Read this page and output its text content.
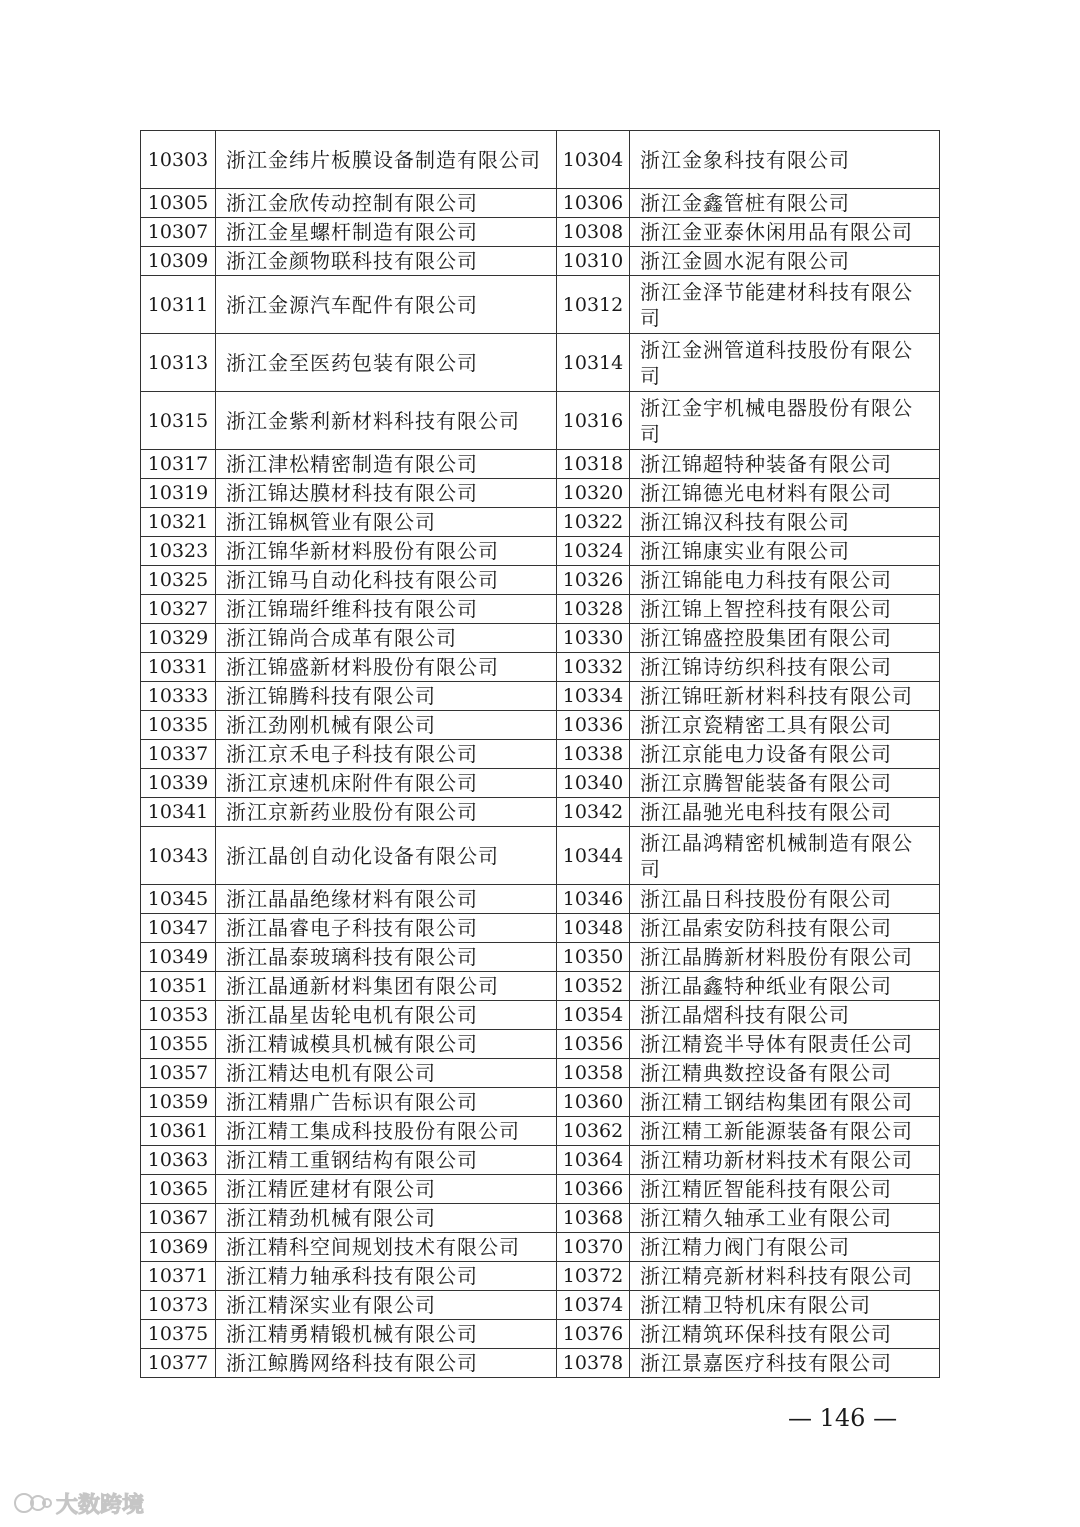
10303	浙江金纬片板膜设备制造有限公司	10304	浙江金象科技有限公司
10305	浙江金欣传动控制有限公司	10306	浙江金鑫管桩有限公司
10307	浙江金星螺杆制造有限公司	10308	浙江金亚泰休闲用品有限公司
10309	浙江金颜物联科技有限公司	10310	浙江金圆水泥有限公司
10311	浙江金源汽车配件有限公司	10312	浙江金泽节能建材科技有限公司
10313	浙江金至医药包装有限公司	10314	浙江金洲管道科技股份有限公司
10315	浙江金紫利新材料科技有限公司	10316	浙江金宇机械电器股份有限公司
10317	浙江津松精密制造有限公司	10318	浙江锦超特种装备有限公司
10319	浙江锦达膜材科技有限公司	10320	浙江锦德光电材料有限公司
10321	浙江锦枫管业有限公司	10322	浙江锦汉科技有限公司
10323	浙江锦华新材料股份有限公司	10324	浙江锦康实业有限公司
10325	浙江锦马自动化科技有限公司	10326	浙江锦能电力科技有限公司
10327	浙江锦瑞纤维科技有限公司	10328	浙江锦上智控科技有限公司
10329	浙江锦尚合成革有限公司	10330	浙江锦盛控股集团有限公司
10331	浙江锦盛新材料股份有限公司	10332	浙江锦诗纺织科技有限公司
10333	浙江锦腾科技有限公司	10334	浙江锦旺新材料科技有限公司
10335	浙江劲刚机械有限公司	10336	浙江京瓷精密工具有限公司
10337	浙江京禾电子科技有限公司	10338	浙江京能电力设备有限公司
10339	浙江京速机床附件有限公司	10340	浙江京腾智能装备有限公司
10341	浙江京新药业股份有限公司	10342	浙江晶驰光电科技有限公司
10343	浙江晶创自动化设备有限公司	10344	浙江晶鸿精密机械制造有限公司
10345	浙江晶晶绝缘材料有限公司	10346	浙江晶日科技股份有限公司
10347	浙江晶睿电子科技有限公司	10348	浙江晶索安防科技有限公司
10349	浙江晶泰玻璃科技有限公司	10350	浙江晶腾新材料股份有限公司
10351	浙江晶通新材料集团有限公司	10352	浙江晶鑫特种纸业有限公司
10353	浙江晶星齿轮电机有限公司	10354	浙江晶熠科技有限公司
10355	浙江精诚模具机械有限公司	10356	浙江精瓷半导体有限责任公司
10357	浙江精达电机有限公司	10358	浙江精典数控设备有限公司
10359	浙江精鼎广告标识有限公司	10360	浙江精工钢结构集团有限公司
10361	浙江精工集成科技股份有限公司	10362	浙江精工新能源装备有限公司
10363	浙江精工重钢结构有限公司	10364	浙江精功新材料技术有限公司
10365	浙江精匠建材有限公司	10366	浙江精匠智能科技有限公司
10367	浙江精劲机械有限公司	10368	浙江精久轴承工业有限公司
10369	浙江精科空间规划技术有限公司	10370	浙江精力阀门有限公司
10371	浙江精力轴承科技有限公司	10372	浙江精亮新材料科技有限公司
10373	浙江精深实业有限公司	10374	浙江精卫特机床有限公司
10375	浙江精勇精锻机械有限公司	10376	浙江精筑环保科技有限公司
10377	浙江鲸腾网络科技有限公司	10378	浙江景嘉医疗科技有限公司
— 146 —
大数跨境
